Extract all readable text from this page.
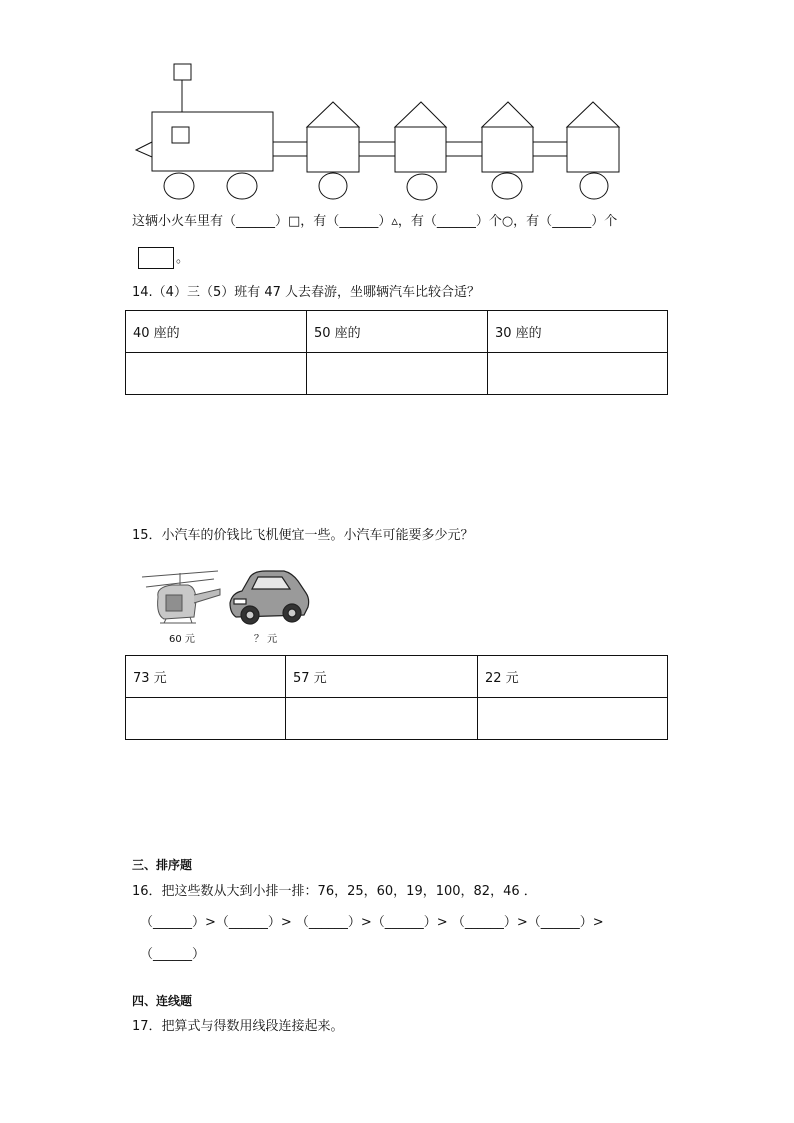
这辆小火车里有（______）□，有（______）▵，有（______）个○，有（______）个
。
14.（4）三（5）班有 47 人去春游，坐哪辆汽车比较合适？
40 座的	50 座的	30 座的

15．小汽车的价钱比飞机便宜一些。小汽车可能要多少元？
60 元	？ 元
73 元	57 元	22 元

三、排序题
16．把这些数从大到小排一排：76，25，60，19，100，82，46 ．
（______）>（______）> （______）>（______）> （______）>（______）>
（______）
四、连线题
17．把算式与得数用线段连接起来。
